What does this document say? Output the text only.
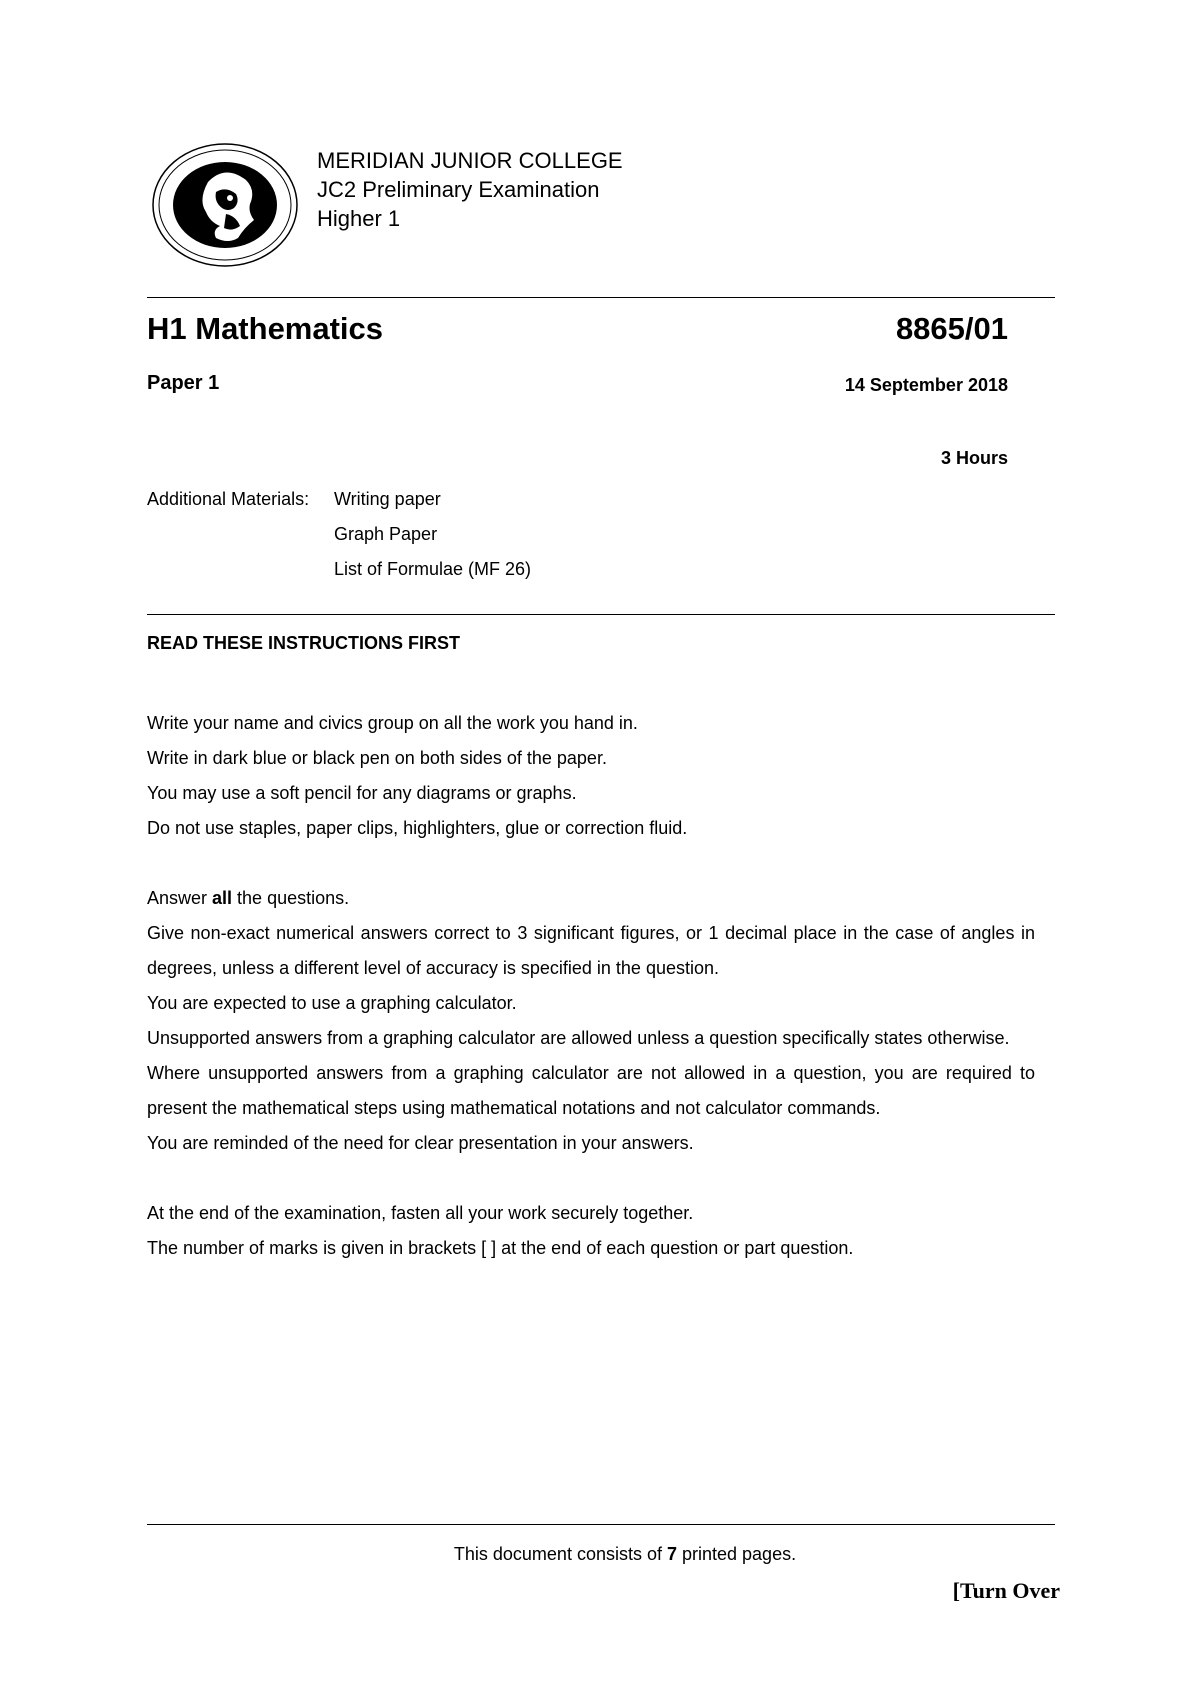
MERIDIAN JUNIOR COLLEGE
JC2 Preliminary Examination
Higher 1
H1 Mathematics	8865/01
Paper 1	14 September 2018
3 Hours
Additional Materials: Writing paper
Graph Paper
List of Formulae (MF 26)
READ THESE INSTRUCTIONS FIRST

Write your name and civics group on all the work you hand in.

Write in dark blue or black pen on both sides of the paper.

You may use a soft pencil for any diagrams or graphs.

Do not use staples, paper clips, highlighters, glue or correction fluid.

Answer all the questions.

Give non-exact numerical answers correct to 3 significant figures, or 1 decimal place in the case of angles in degrees, unless a different level of accuracy is specified in the question.

You are expected to use a graphing calculator.

Unsupported answers from a graphing calculator are allowed unless a question specifically states otherwise.

Where unsupported answers from a graphing calculator are not allowed in a question, you are required to present the mathematical steps using mathematical notations and not calculator commands.

You are reminded of the need for clear presentation in your answers.

At the end of the examination, fasten all your work securely together.

The number of marks is given in brackets [ ] at the end of each question or part question.

This document consists of 7 printed pages.
[Turn Over
